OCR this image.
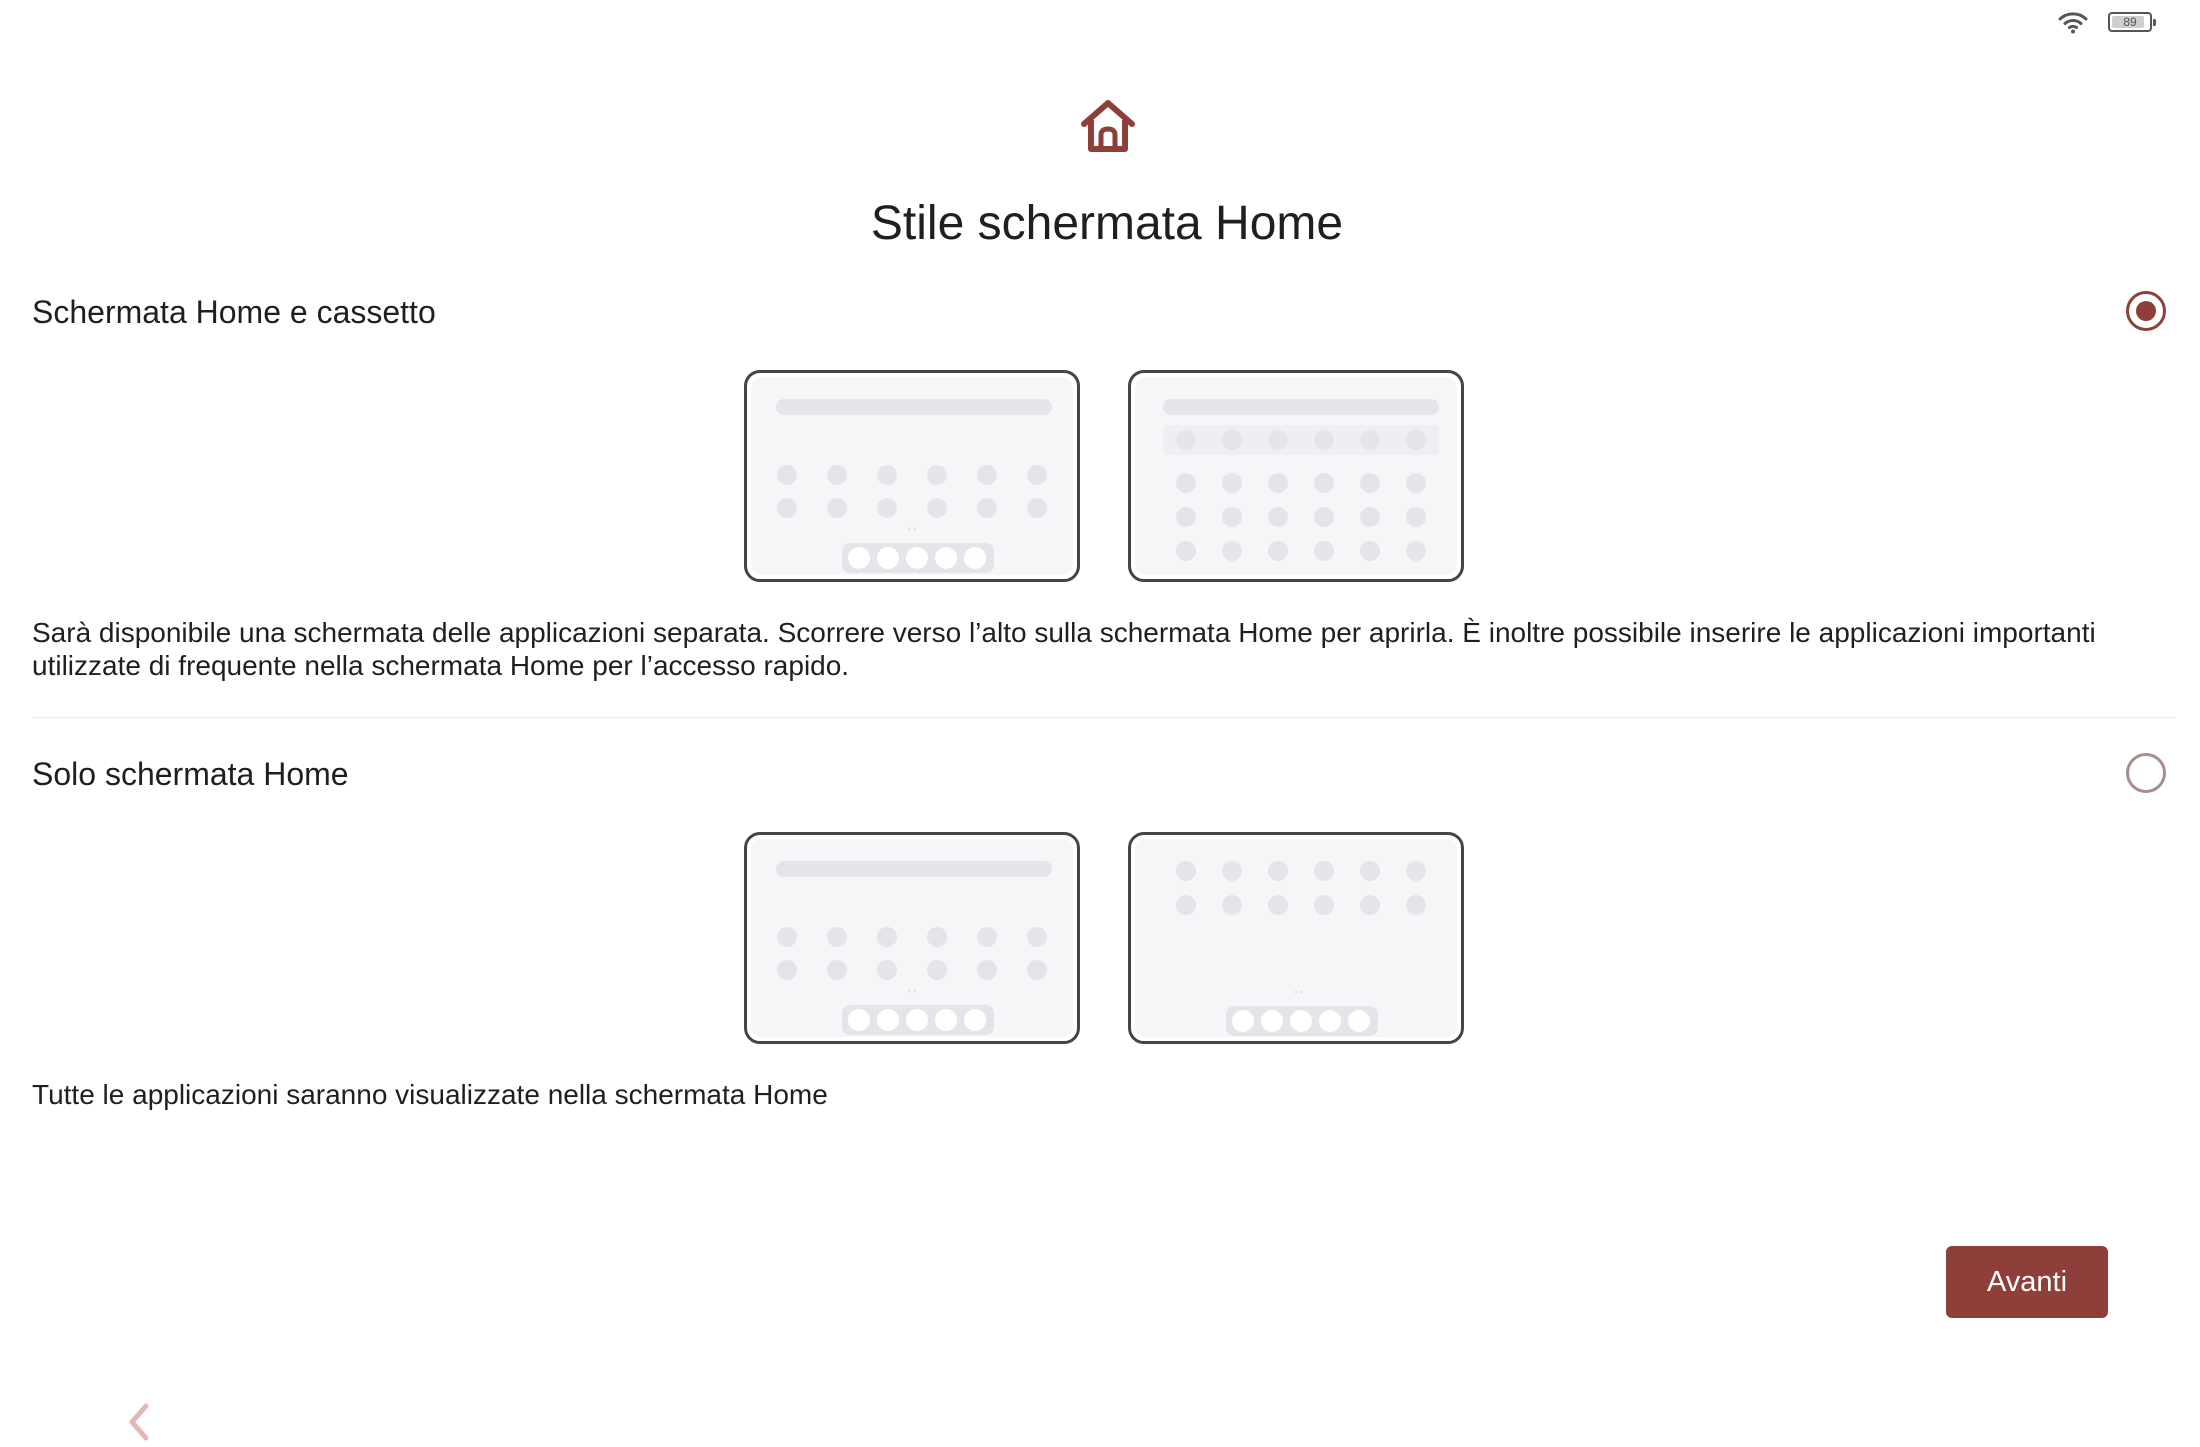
89
Stile schermata Home
Schermata Home e cassetto
Sarà disponibile una schermata delle applicazioni separata. Scorrere verso l’alto sulla schermata Home per aprirla. È inoltre possibile inserire le applicazioni importanti utilizzate di frequente nella schermata Home per l’accesso rapido.
Solo schermata Home
Tutte le applicazioni saranno visualizzate nella schermata Home
Avanti
